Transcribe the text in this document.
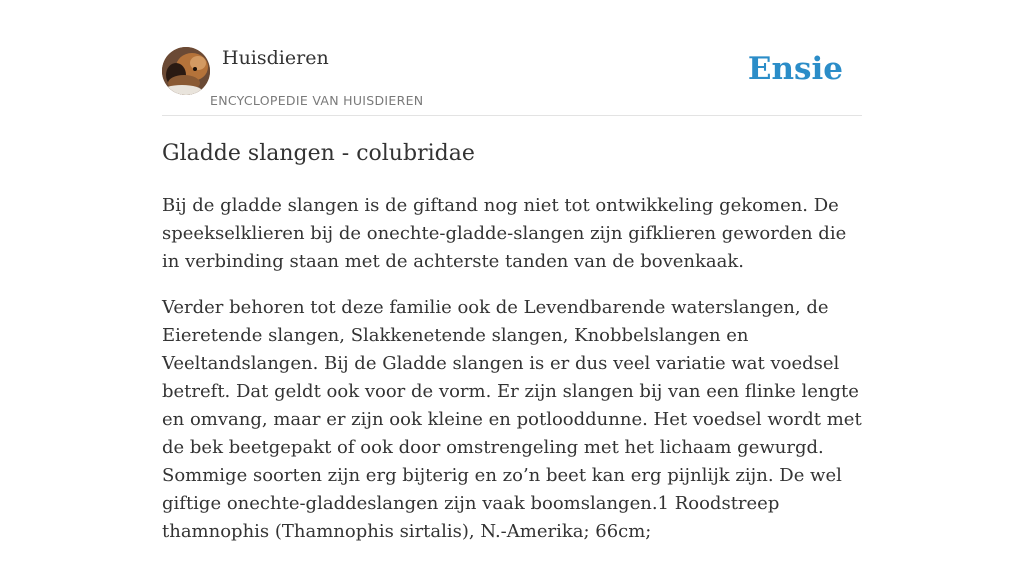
Huisdieren
ENCYCLOPEDIE VAN HUISDIEREN
Ensie
Gladde slangen - colubridae

Bij de gladde slangen is de giftand nog niet tot ontwikkeling gekomen. De speekselklieren bij de onechte-gladde-slangen zijn gifklieren geworden die in verbinding staan met de achterste tanden van de bovenkaak.

Verder behoren tot deze familie ook de Levendbarende waterslangen, de Eieretende slangen, Slakkenetende slangen, Knobbelslangen en Veeltandslangen. Bij de Gladde slangen is er dus veel variatie wat voedsel betreft. Dat geldt ook voor de vorm. Er zijn slangen bij van een flinke lengte en omvang, maar er zijn ook kleine en potlooddunne. Het voedsel wordt met de bek beetgepakt of ook door omstrengeling met het lichaam gewurgd. Sommige soorten zijn erg bijterig en zo’n beet kan erg pijnlijk zijn. De wel giftige onechte-gladdeslangen zijn vaak boomslangen.1 Roodstreep thamnophis (Thamnophis sirtalis), N.-Amerika; 66cm;
